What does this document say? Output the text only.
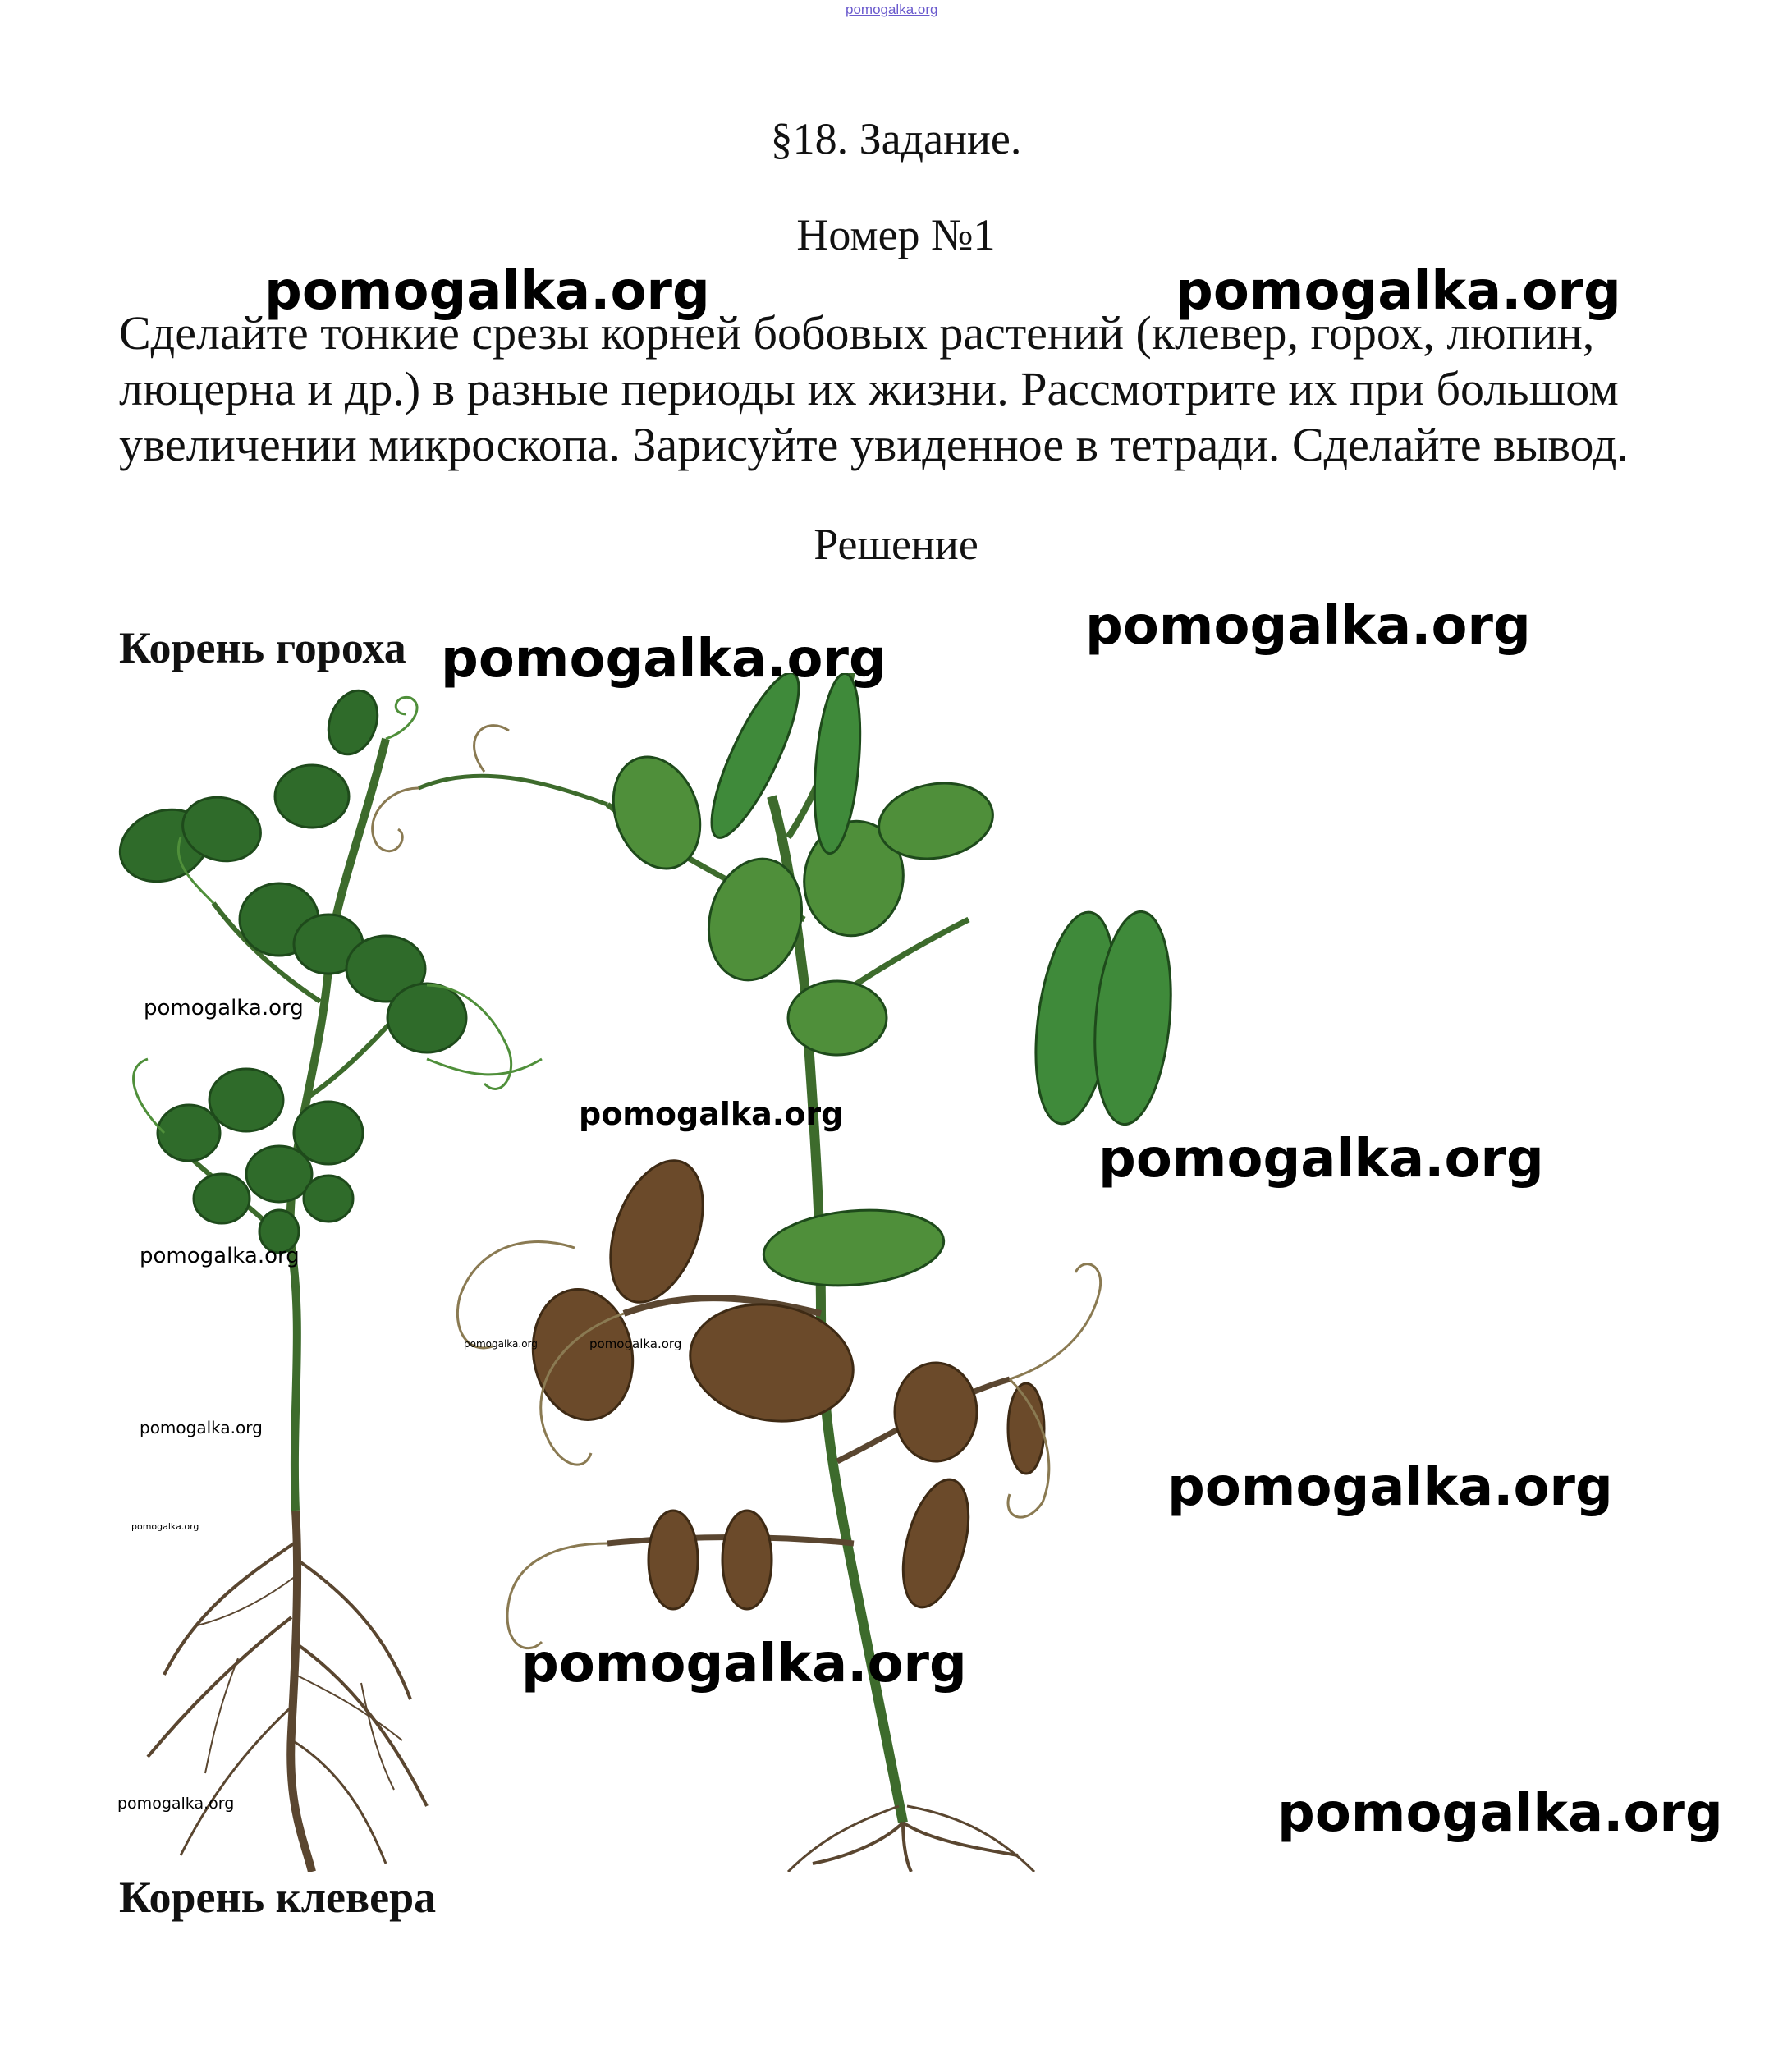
pomogalka.org
§18. Задание.
Номер №1
Сделайте тонкие срезы корней бобовых растений (клевер, горох, люпин, люцерна и др.) в разные периоды их жизни. Рассмотрите их при большом увеличении микроскопа. Зарисуйте увиденное в тетради. Сделайте вывод.
Решение
Корень гороха
Корень клевера
pomogalka.org	pomogalka.org
pomogalka.org
pomogalka.org
pomogalka.org
pomogalka.org
pomogalka.org
pomogalka.org
pomogalka.org	pomogalka.org
pomogalka.org
pomogalka.org
pomogalka.org
pomogalka.org
pomogalka.org	pomogalka.org
